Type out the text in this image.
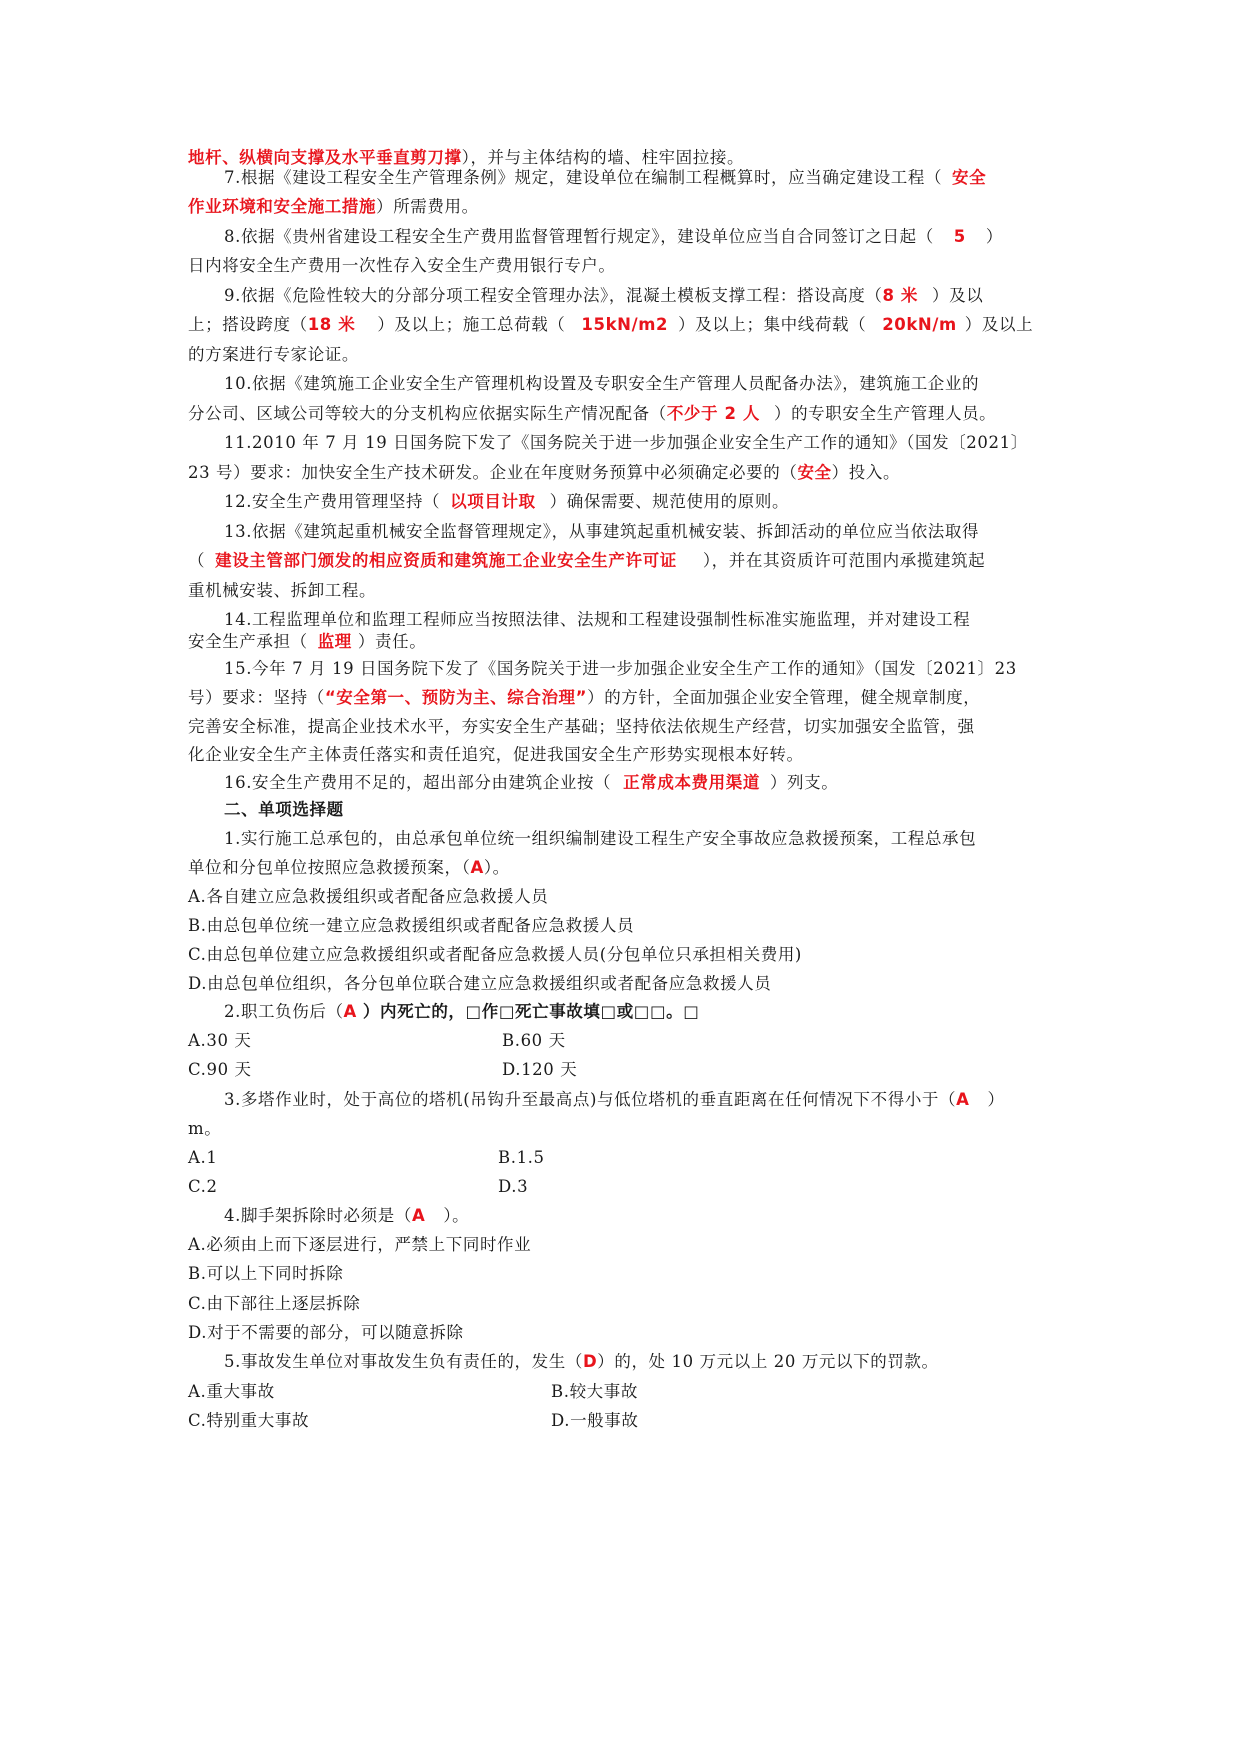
地杆、纵横向支撑及水平垂直剪刀撑），并与主体结构的墙、柱牢固拉接。
7.根据《建设工程安全生产管理条例》规定，建设单位在编制工程概算时，应当确定建设工程（ 安全
作业环境和安全施工措施）所需费用。
8.依据《贵州省建设工程安全生产费用监督管理暂行规定》，建设单位应当自合同签订之日起（ 5 ）
日内将安全生产费用一次性存入安全生产费用银行专户。
9.依据《危险性较大的分部分项工程安全管理办法》，混凝土模板支撑工程：搭设高度（8 米 ）及以
上；搭设跨度（18 米 ）及以上；施工总荷载（ 15kN/m2 ）及以上；集中线荷载（ 20kN/m ）及以上
的方案进行专家论证。
10.依据《建筑施工企业安全生产管理机构设置及专职安全生产管理人员配备办法》，建筑施工企业的
分公司、区域公司等较大的分支机构应依据实际生产情况配备（不少于 2 人 ）的专职安全生产管理人员。
11.2010 年 7 月 19 日国务院下发了《国务院关于进一步加强企业安全生产工作的通知》（国发〔2021〕
23 号）要求：加快安全生产技术研发。企业在年度财务预算中必须确定必要的（安全）投入。
12.安全生产费用管理坚持（ 以项目计取 ）确保需要、规范使用的原则。
13.依据《建筑起重机械安全监督管理规定》，从事建筑起重机械安装、拆卸活动的单位应当依法取得
（ 建设主管部门颁发的相应资质和建筑施工企业安全生产许可证 ），并在其资质许可范围内承揽建筑起
重机械安装、拆卸工程。
14.工程监理单位和监理工程师应当按照法律、法规和工程建设强制性标准实施监理，并对建设工程
安全生产承担（ 监理 ）责任。
15.今年 7 月 19 日国务院下发了《国务院关于进一步加强企业安全生产工作的通知》（国发〔2021〕23
号）要求：坚持（“安全第一、预防为主、综合治理”）的方针，全面加强企业安全管理，健全规章制度，
完善安全标准，提高企业技术水平，夯实安全生产基础；坚持依法依规生产经营，切实加强安全监管，强
化企业安全生产主体责任落实和责任追究，促进我国安全生产形势实现根本好转。
16.安全生产费用不足的，超出部分由建筑企业按（ 正常成本费用渠道 ）列支。
二、单项选择题
1.实行施工总承包的，由总承包单位统一组织编制建设工程生产安全事故应急救援预案，工程总承包
单位和分包单位按照应急救援预案，（A）。
A.各自建立应急救援组织或者配备应急救援人员
B.由总包单位统一建立应急救援组织或者配备应急救援人员
C.由总包单位建立应急救援组织或者配备应急救援人员(分包单位只承担相关费用)
D.由总包单位组织，各分包单位联合建立应急救援组织或者配备应急救援人员
2.职工负伤后（A ）内死亡的，□作□死亡事故填□或□□。□
A.30 天	B.60 天
C.90 天	D.120 天
3.多塔作业时，处于高位的塔机(吊钩升至最高点)与低位塔机的垂直距离在任何情况下不得小于（A ）
m。
A.1	B.1.5
C.2	D.3
4.脚手架拆除时必须是（A ）。
A.必须由上而下逐层进行，严禁上下同时作业
B.可以上下同时拆除
C.由下部往上逐层拆除
D.对于不需要的部分，可以随意拆除
5.事故发生单位对事故发生负有责任的，发生（D）的，处 10 万元以上 20 万元以下的罚款。
A.重大事故	B.较大事故
C.特别重大事故	D.一般事故
